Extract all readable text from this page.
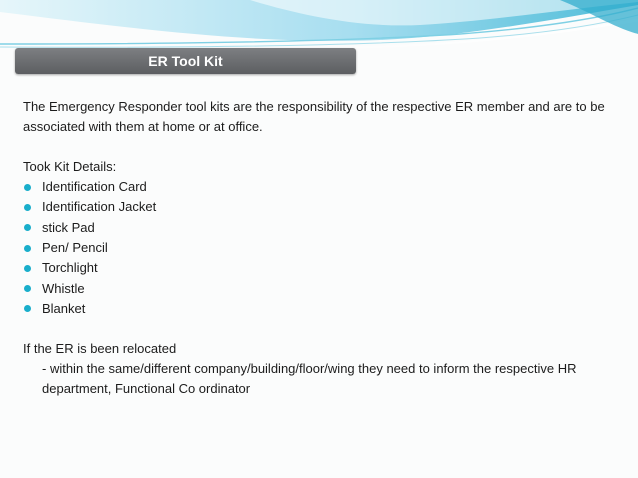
ER Tool Kit

The Emergency Responder tool kits are the responsibility of the respective ER member and are to be associated with them at home or at office.

Took Kit Details:

Identification Card
Identification Jacket
stick Pad
Pen/ Pencil
Torchlight
Whistle
Blanket

If the ER is been relocated

- within the same/different company/building/floor/wing they need to inform the respective HR department, Functional Co ordinator
